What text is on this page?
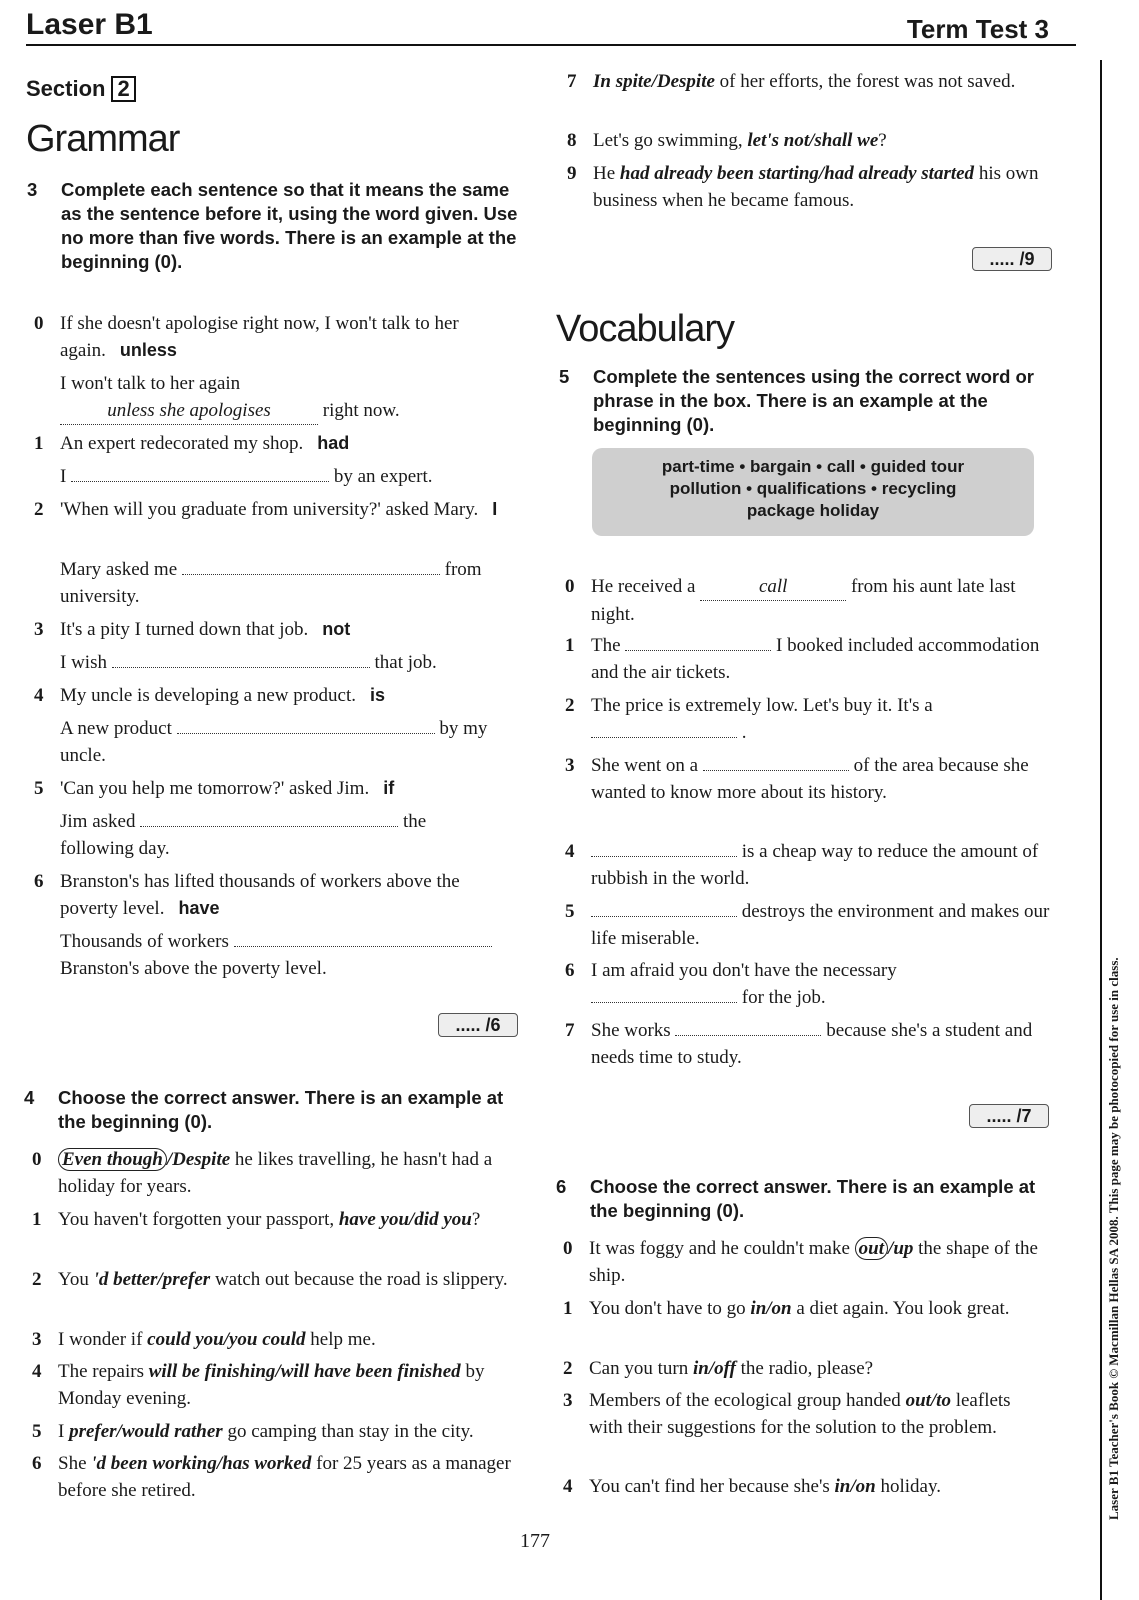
Laser B1	Term Test 3
Laser B1 Teacher's Book © Macmillan Hellas SA 2008. This page may be photocopied for use in class.
Section 2
Grammar
3 Complete each sentence so that it means the same as the sentence before it, using the word given. Use no more than five words. There is an example at the beginning (0).
0 If she doesn't apologise right now, I won't talk to her again. unless
I won't talk to her again
unless she apologises	right now.
1 An expert redecorated my shop. had
I	by an expert.
2 'When will you graduate from university?' asked Mary. I
Mary asked me	from university.
3 It's a pity I turned down that job. not
I wish	that job.
4 My uncle is developing a new product. is
A new product	by my uncle.
5 'Can you help me tomorrow?' asked Jim. if
Jim asked	the following day.
6 Branston's has lifted thousands of workers above the poverty level. have
Thousands of workers
Branston's above the poverty level.
..... /6
4 Choose the correct answer. There is an example at the beginning (0).
0 Even though /Despite he likes travelling, he hasn't had a holiday for years.
1 You haven't forgotten your passport, have you/did you?
2 You 'd better/prefer watch out because the road is slippery.
3 I wonder if could you/you could help me.
4 The repairs will be finishing/will have been finished by Monday evening.
5 I prefer/would rather go camping than stay in the city.
6 She 'd been working/has worked for 25 years as a manager before she retired.
7 In spite/Despite of her efforts, the forest was not saved.
8 Let's go swimming, let's not/shall we?
9 He had already been starting/had already started his own business when he became famous.
..... /9
Vocabulary
5 Complete the sentences using the correct word or phrase in the box. There is an example at the beginning (0).
part-time • bargain • call • guided tour
pollution • qualifications • recycling
package holiday
0 He received a	call	from his aunt late last night.
1 The	I booked included accommodation and the air tickets.
2 The price is extremely low. Let's buy it. It's a
.
3 She went on a	of the area because she wanted to know more about its history.
4	is a cheap way to reduce the amount of rubbish in the world.
5	destroys the environment and makes our life miserable.
6 I am afraid you don't have the necessary
for the job.
7 She works	because she's a student and needs time to study.
..... /7
6 Choose the correct answer. There is an example at the beginning (0).
0 It was foggy and he couldn't make out /up the shape of the ship.
1 You don't have to go in/on a diet again. You look great.
2 Can you turn in/off the radio, please?
3 Members of the ecological group handed out/to leaflets with their suggestions for the solution to the problem.
4 You can't find her because she's in/on holiday.
177
